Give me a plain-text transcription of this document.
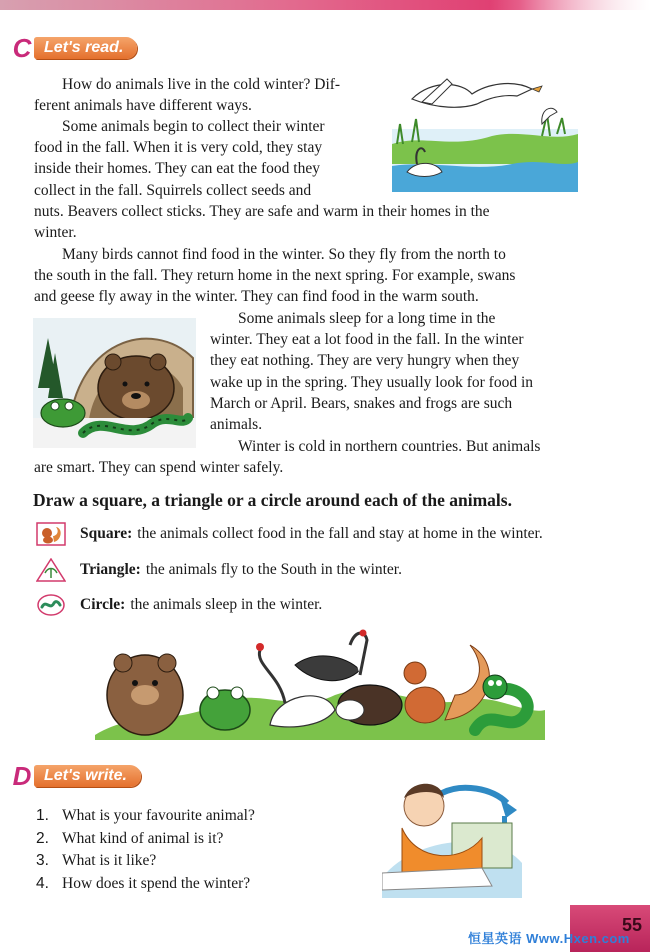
C Let's read.
How do animals live in the cold winter? Dif-
ferent animals have different ways.
Some animals begin to collect their winter
food in the fall. When it is very cold, they stay
inside their homes. They can eat the food they
collect in the fall. Squirrels collect seeds and
nuts. Beavers collect sticks. They are safe and warm in their homes in the
winter.
Many birds cannot find food in the winter. So they fly from the north to
the south in the fall. They return home in the next spring. For example, swans
and geese fly away in the winter. They can find food in the warm south.
Some animals sleep for a long time in the
winter. They eat a lot food in the fall. In the winter
they eat nothing. They are very hungry when they
wake up in the spring. They usually look for food in
March or April. Bears, snakes and frogs are such
animals.
Winter is cold in northern countries. But animals
are smart. They can spend winter safely.
Draw a square, a triangle or a circle around each of the animals.
Square: the animals collect food in the fall and stay at home in the winter.
Triangle: the animals fly to the South in the winter.
Circle: the animals sleep in the winter.
D Let's write.
1. What is your favourite animal?
2. What kind of animal is it?
3. What is it like?
4. How does it spend the winter?
55
恒星英语 Www.Hxen.com
